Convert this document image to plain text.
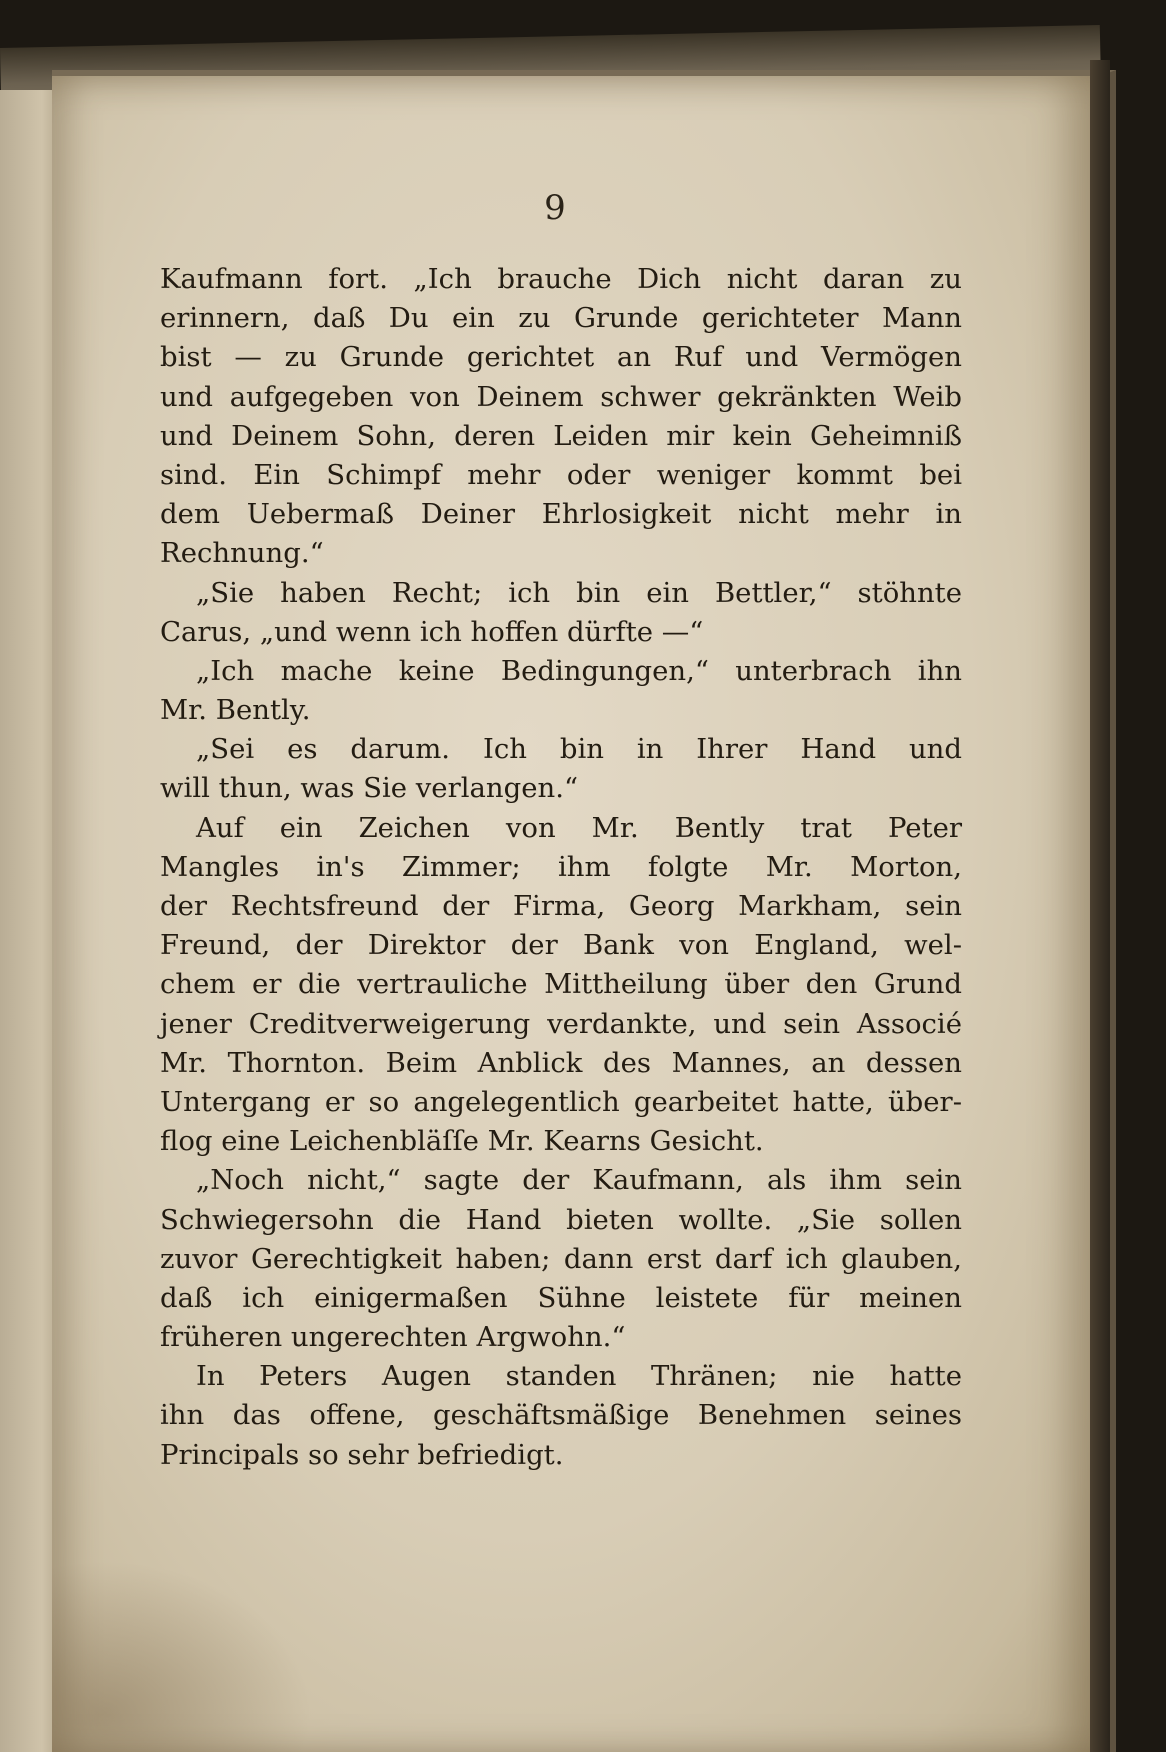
9
Kaufmann fort. „Ich brauche Dich nicht daran zu
erinnern, daß Du ein zu Grunde gerichteter Mann
bist — zu Grunde gerichtet an Ruf und Vermögen
und aufgegeben von Deinem schwer gekränkten Weib
und Deinem Sohn, deren Leiden mir kein Geheimniß
sind. Ein Schimpf mehr oder weniger kommt bei
dem Uebermaß Deiner Ehrlosigkeit nicht mehr in
Rechnung.“
„Sie haben Recht; ich bin ein Bettler,“ stöhnte
Carus, „und wenn ich hoffen dürfte —“
„Ich mache keine Bedingungen,“ unterbrach ihn
Mr. Bently.
„Sei es darum. Ich bin in Ihrer Hand und
will thun, was Sie verlangen.“
Auf ein Zeichen von Mr. Bently trat Peter
Mangles in's Zimmer; ihm folgte Mr. Morton,
der Rechtsfreund der Firma, Georg Markham, sein
Freund, der Direktor der Bank von England, wel-
chem er die vertrauliche Mittheilung über den Grund
jener Creditverweigerung verdankte, und sein Associé
Mr. Thornton. Beim Anblick des Mannes, an dessen
Untergang er so angelegentlich gearbeitet hatte, über-
flog eine Leichenbläſſe Mr. Kearns Gesicht.
„Noch nicht,“ sagte der Kaufmann, als ihm sein
Schwiegersohn die Hand bieten wollte. „Sie sollen
zuvor Gerechtigkeit haben; dann erst darf ich glauben,
daß ich einigermaßen Sühne leistete für meinen
früheren ungerechten Argwohn.“
In Peters Augen standen Thränen; nie hatte
ihn das offene, geschäftsmäßige Benehmen seines
Principals so sehr befriedigt.
